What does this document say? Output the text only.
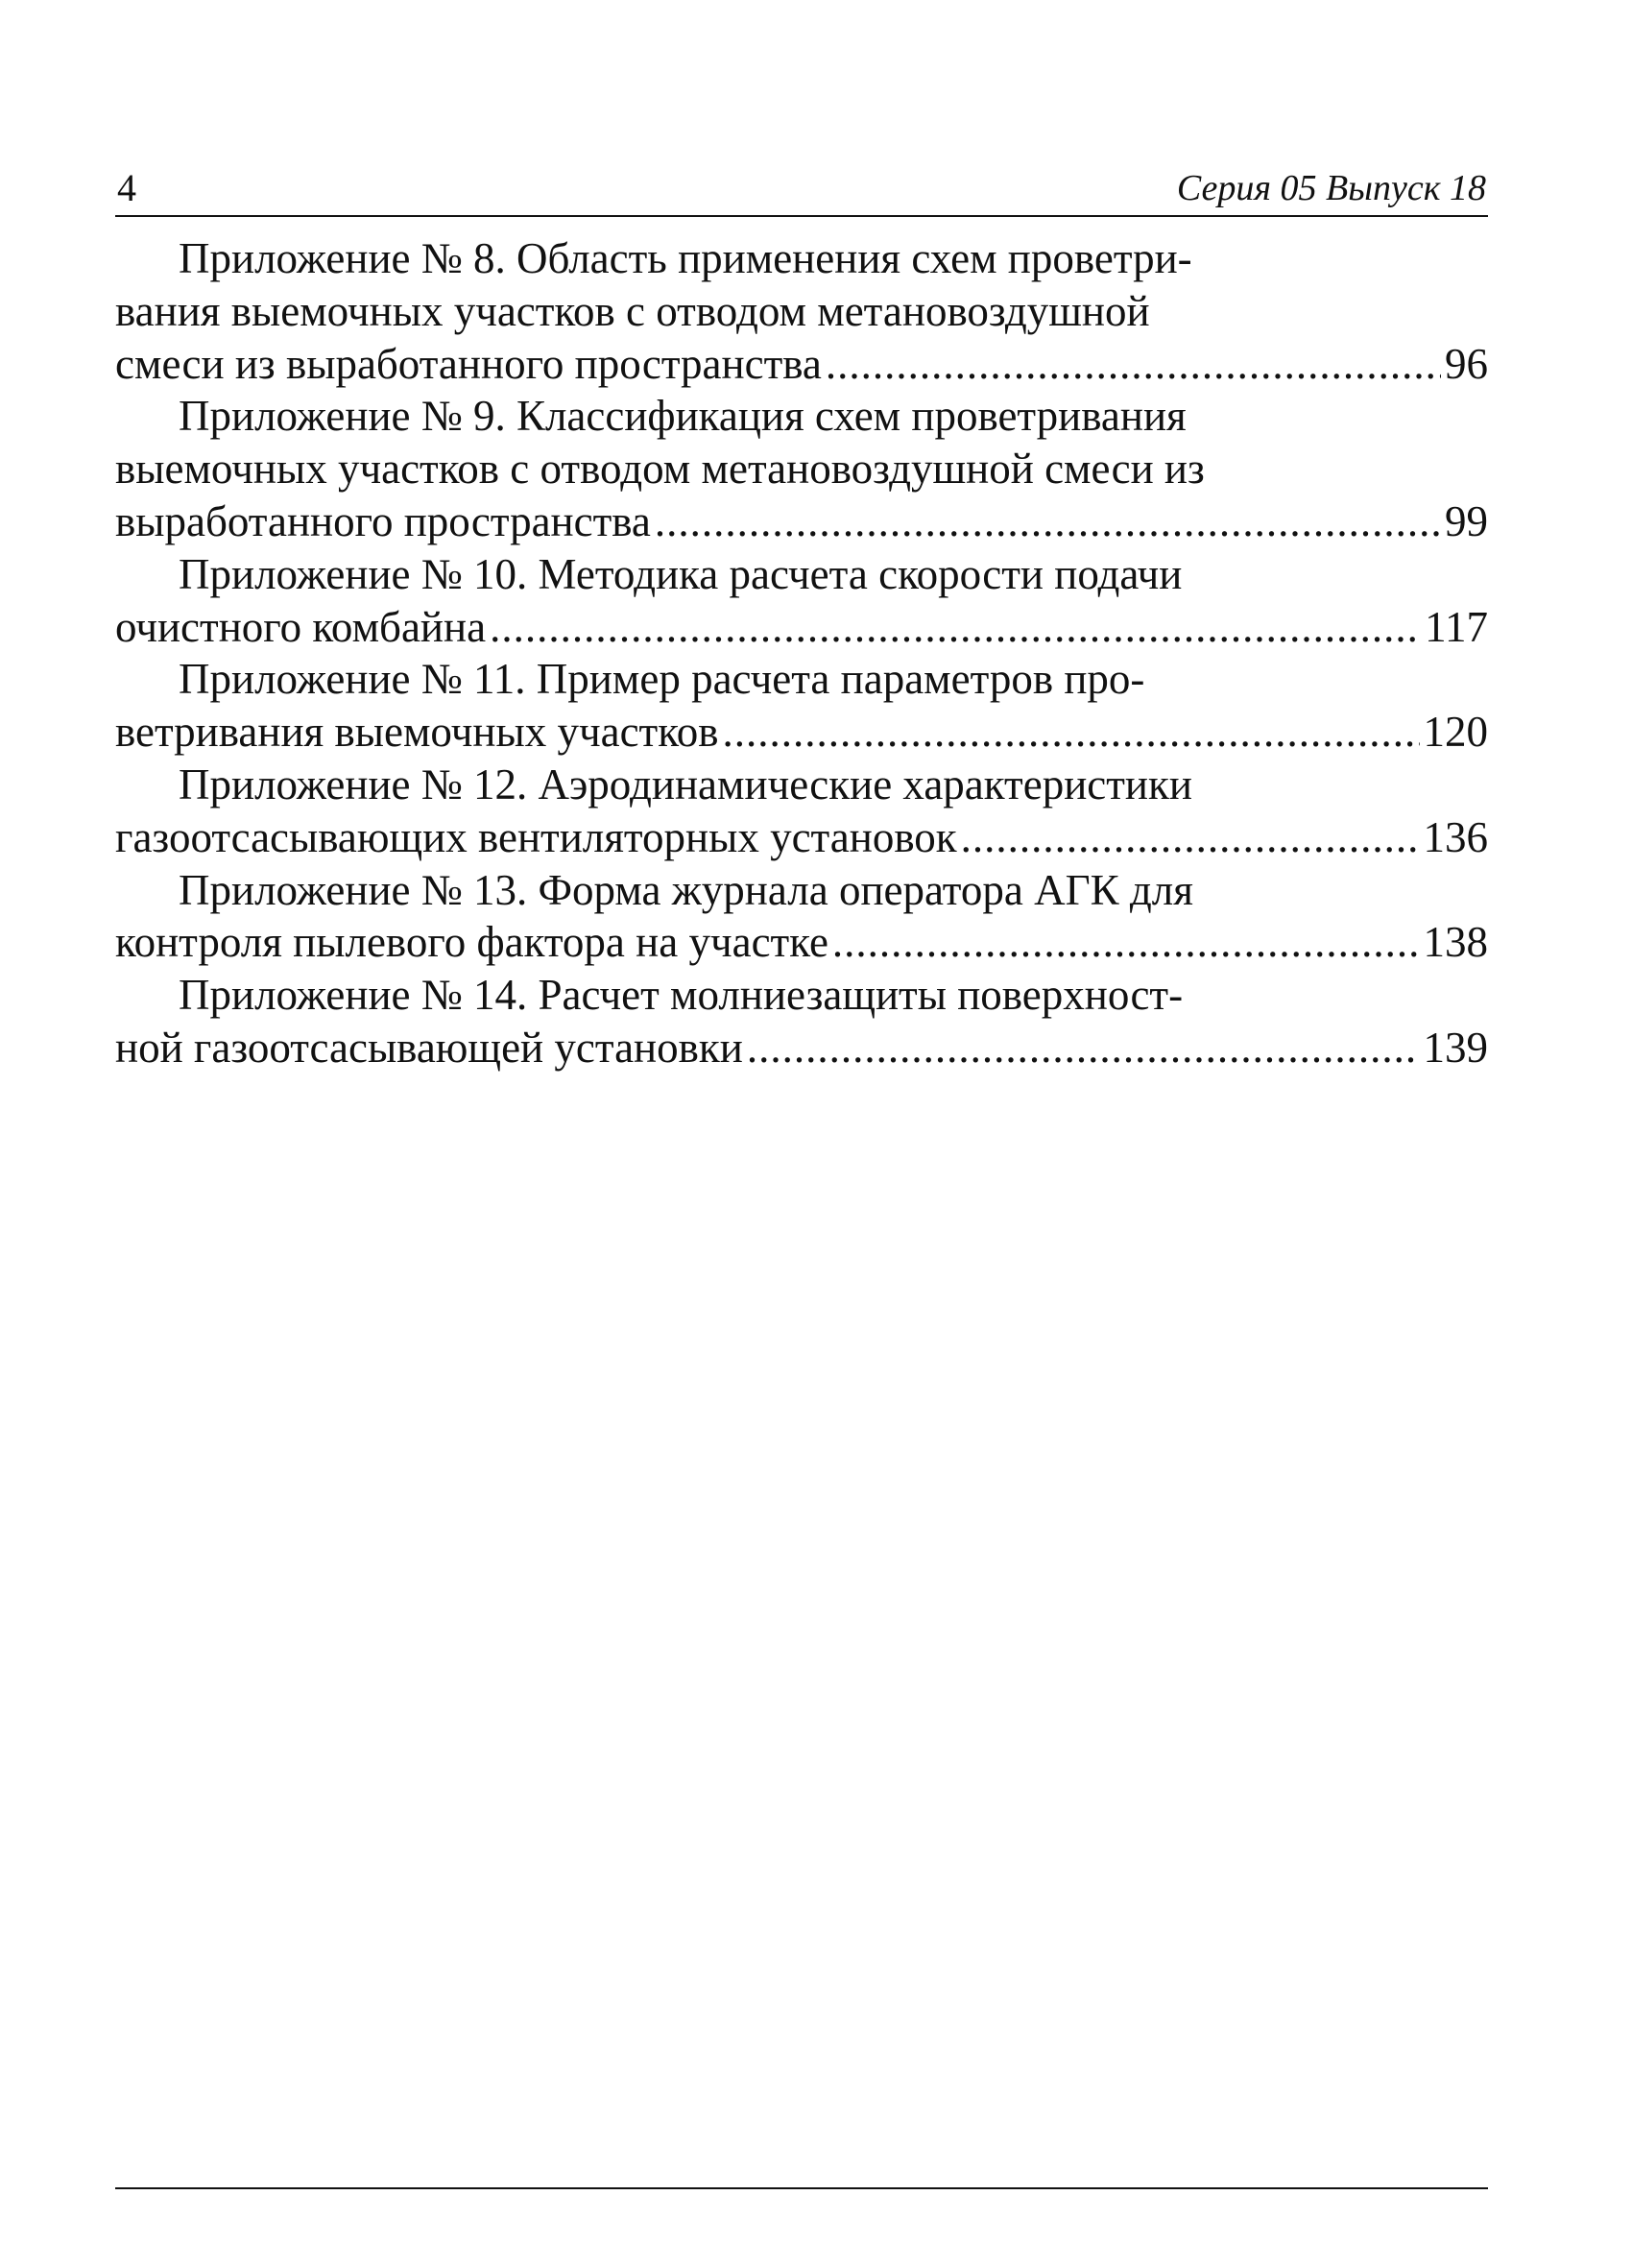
4	Серия 05 Выпуск 18
Приложение № 8. Область применения схем проветри-
вания выемочных участков с отводом метановоздушной
смеси из выработанного пространства .....	96
Приложение № 9. Классификация схем проветривания
выемочных участков с отводом метановоздушной смеси из
выработанного пространства .....	99
Приложение № 10. Методика расчета скорости подачи
очистного комбайна .....	117
Приложение № 11. Пример расчета параметров про-
ветривания выемочных участков .....	120
Приложение № 12. Аэродинамические характеристики
газоотсасывающих вентиляторных установок .....	136
Приложение № 13. Форма журнала оператора АГК для
контроля пылевого фактора на участке .....	138
Приложение № 14. Расчет молниезащиты поверхност-
ной газоотсасывающей установки .....	139
